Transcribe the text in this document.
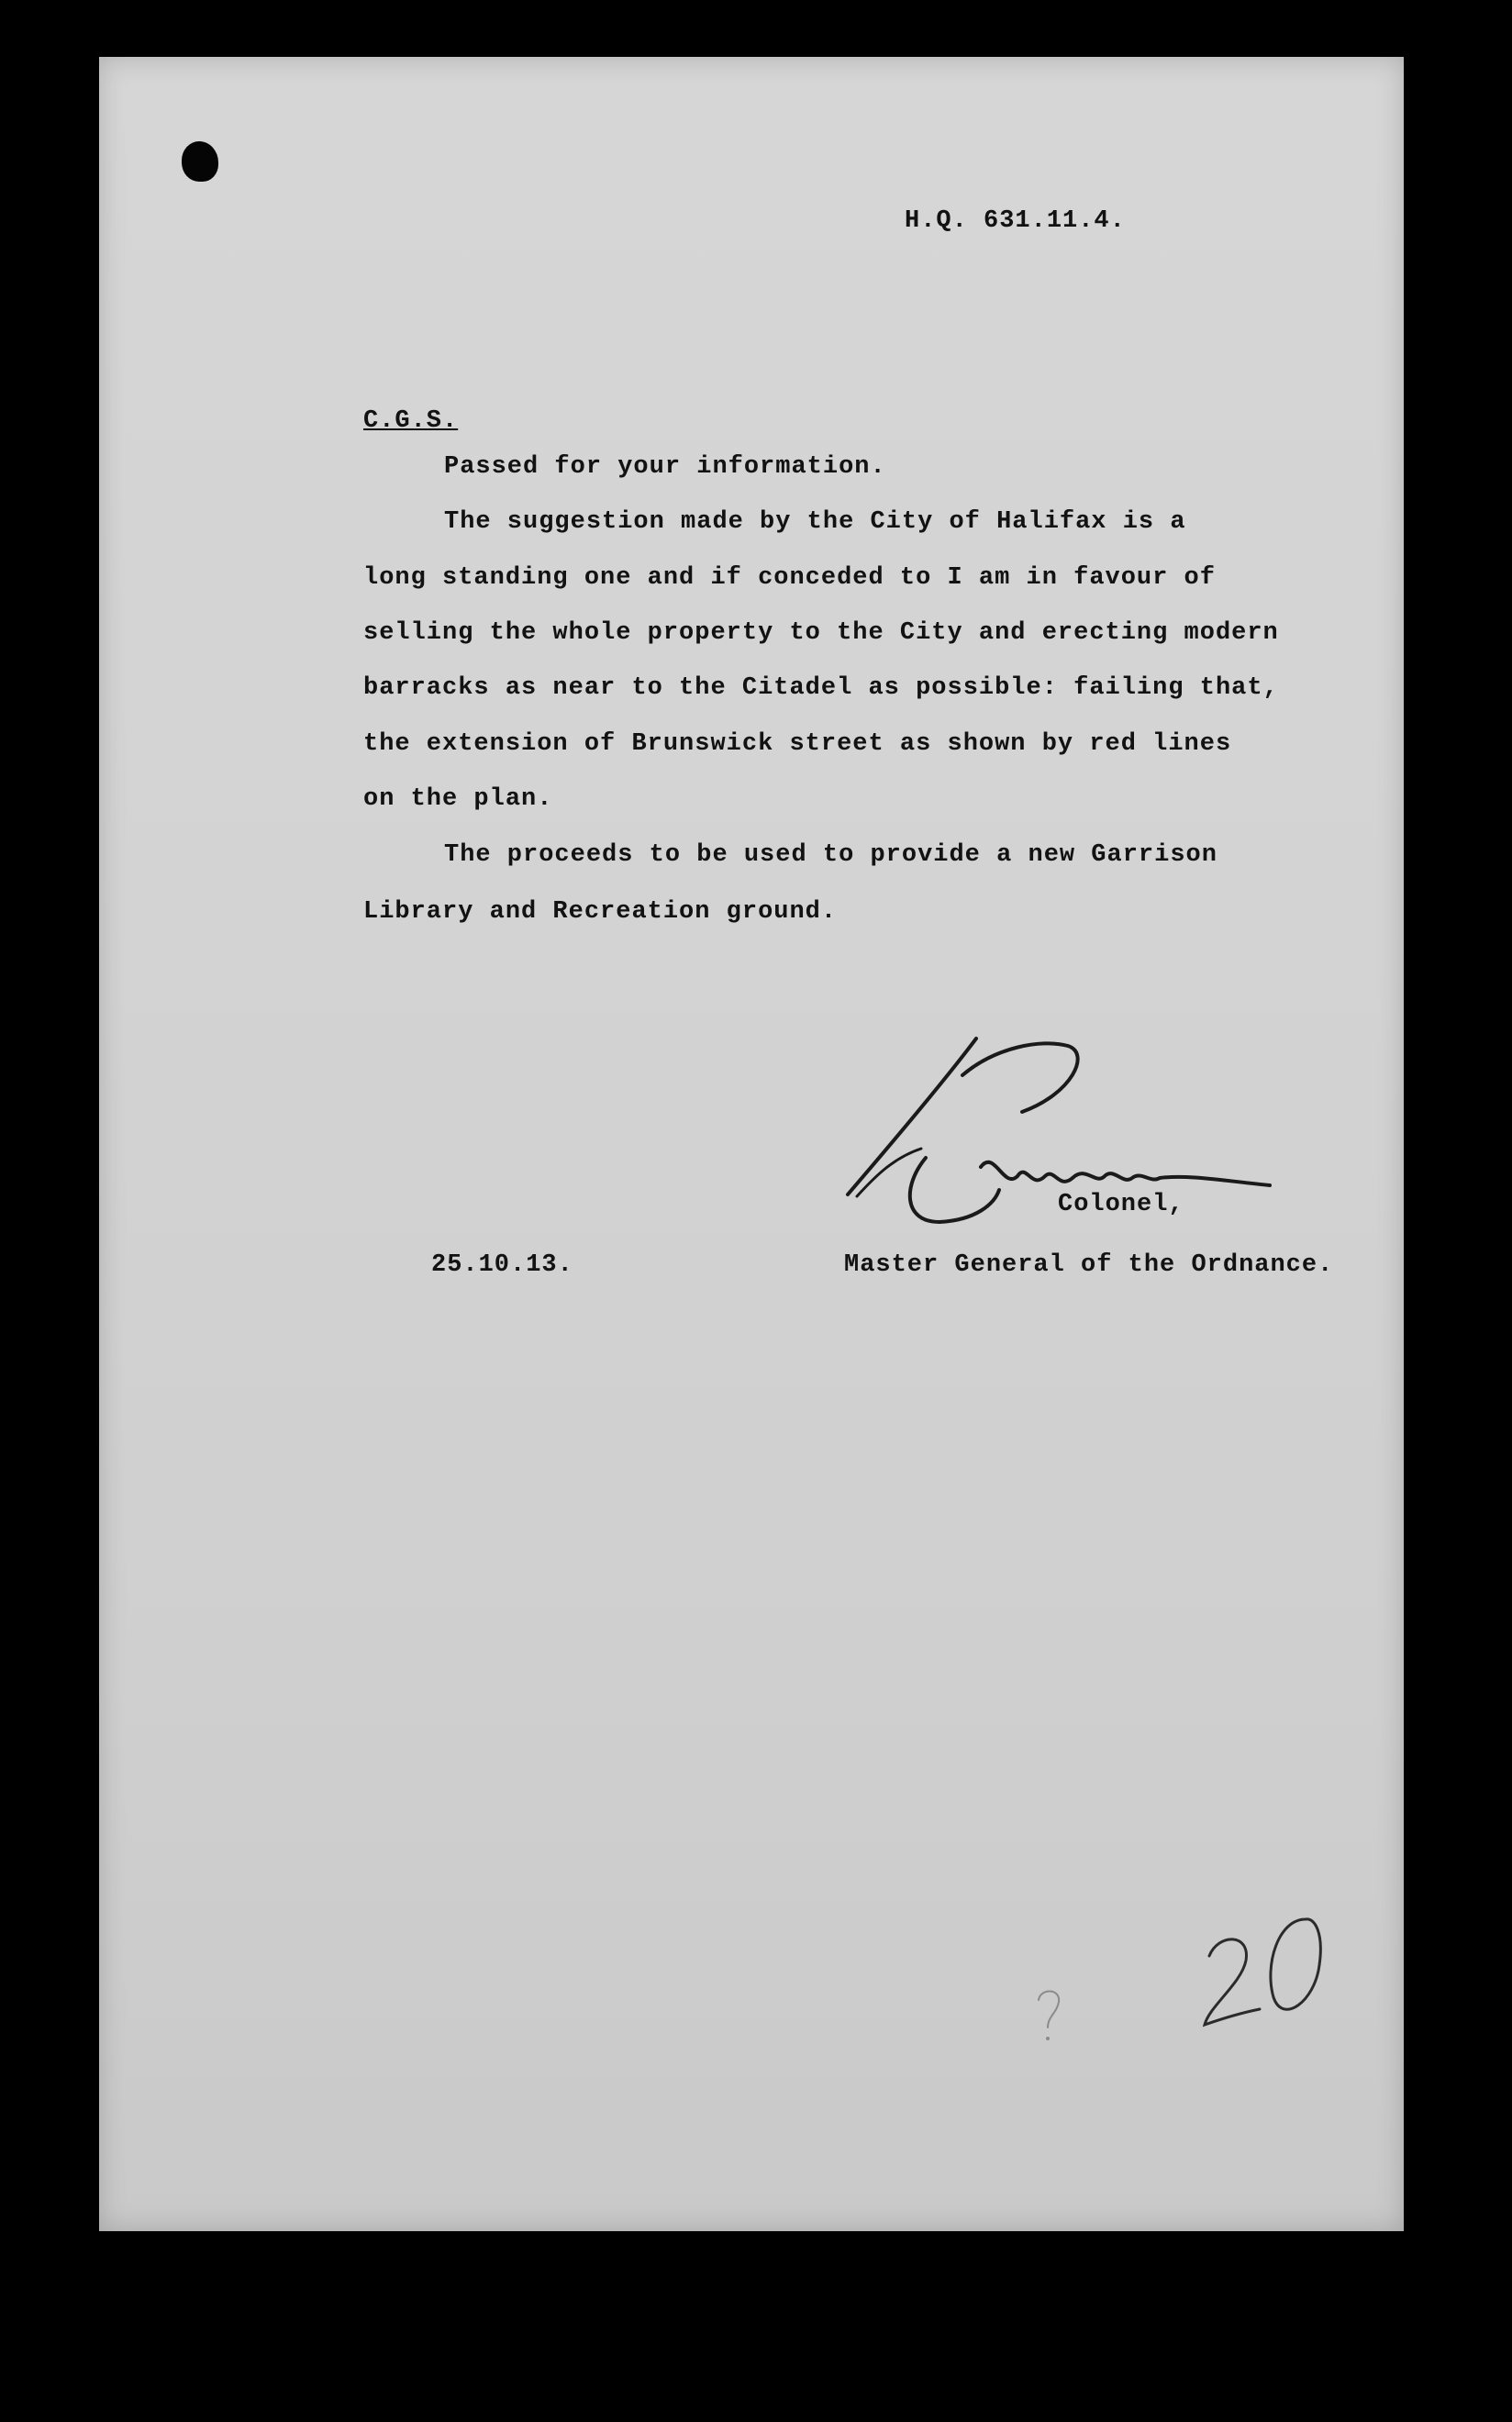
H.Q. 631.11.4.
C.G.S.
Passed for your information.
The suggestion made by the City of Halifax is a
long standing one and if conceded to I am in favour of
selling the whole property to the City and erecting modern
barracks as near to the Citadel as possible: failing that,
the extension of Brunswick street as shown by red lines
on the plan.
The proceeds to be used to provide a new Garrison
Library and Recreation ground.
Colonel,
25.10.13.	Master General of the Ordnance.
